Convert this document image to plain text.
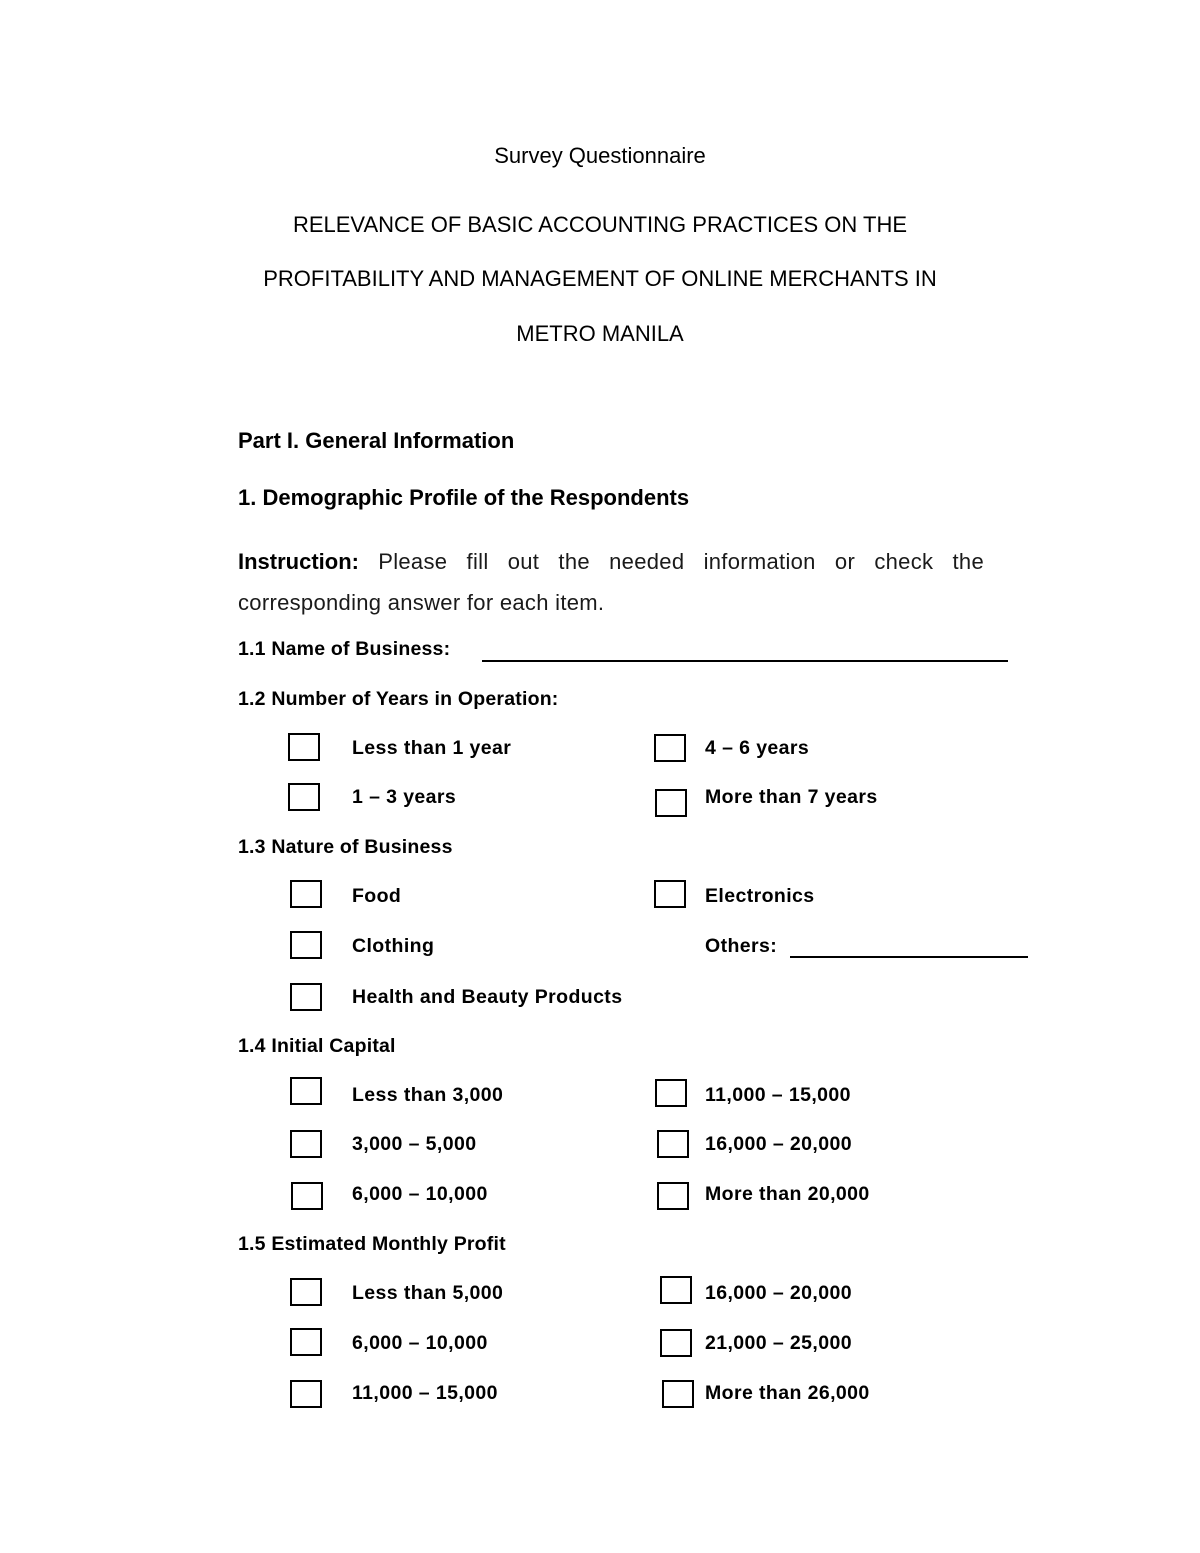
Survey Questionnaire
RELEVANCE OF BASIC ACCOUNTING PRACTICES ON THE
PROFITABILITY AND MANAGEMENT OF ONLINE MERCHANTS IN
METRO MANILA
Part I. General Information
1. Demographic Profile of the Respondents
Instruction: Please fill out the needed information or check the corresponding answer for each item.
1.1 Name of Business:
1.2 Number of Years in Operation:
Less than 1 year
1 – 3 years
4 – 6 years
More than 7 years
1.3 Nature of Business
Food
Clothing
Health and Beauty Products
Electronics
Others:
1.4 Initial Capital
Less than 3,000
3,000 – 5,000
6,000 – 10,000
11,000 – 15,000
16,000 – 20,000
More than 20,000
1.5 Estimated Monthly Profit
Less than 5,000
6,000 – 10,000
11,000 – 15,000
16,000 – 20,000
21,000 – 25,000
More than 26,000
